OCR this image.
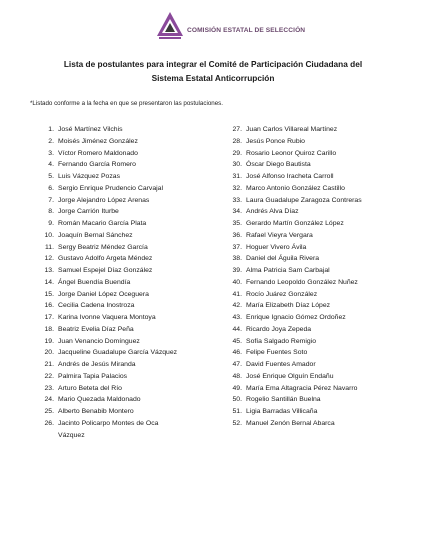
COMISIÓN ESTATAL DE SELECCIÓN
Lista de postulantes para integrar el Comité de Participación Ciudadana del
Sistema Estatal Anticorrupción
*Listado conforme a la fecha en que se presentaron las postulaciones.
1. José Martínez Vilchis
2. Moisés Jiménez González
3. Víctor Romero Maldonado
4. Fernando García Romero
5. Luis Vázquez Pozas
6. Sergio Enrique Prudencio Carvajal
7. Jorge Alejandro López Arenas
8. Jorge Carrión Iturbe
9. Román Macario García Plata
10. Joaquín Bernal Sánchez
11. Sergy Beatriz Méndez García
12. Gustavo Adolfo Argeta Méndez
13. Samuel Espejel Díaz González
14. Ángel Buendía Buendía
15. Jorge Daniel López Oceguera
16. Cecilia Cadena Inostroza
17. Karina Ivonne Vaquera Montoya
18. Beatriz Evelia Díaz Peña
19. Juan Venancio Domínguez
20. Jacqueline Guadalupe García Vázquez
21. Andrés de Jesús Miranda
22. Palmira Tapia Palacios
23. Arturo Beteta del Río
24. Mario Quezada Maldonado
25. Alberto Benabib Montero
26. Jacinto Policarpo Montes de Oca
Vázquez
27. Juan Carlos Villareal Martínez
28. Jesús Ponce Rubio
29. Rosario Leonor Quiroz Carillo
30. Óscar Diego Bautista
31. José Alfonso Iracheta Carroll
32. Marco Antonio González Castillo
33. Laura Guadalupe Zaragoza Contreras
34. Andrés Alva Díaz
35. Gerardo Martín González López
36. Rafael Vieyra Vergara
37. Hoguer Vivero Ávila
38. Daniel del Águila Rivera
39. Alma Patricia Sam Carbajal
40. Fernando Leopoldo González Nuñez
41. Rocío Juárez González
42. María Elizabeth Díaz López
43. Enrique Ignacio Gómez Ordoñez
44. Ricardo Joya Zepeda
45. Sofía Salgado Remigio
46. Felipe Fuentes Soto
47. David Fuentes Amador
48. José Enrique Olguín Endañu
49. María Ema Altagracia Pérez Navarro
50. Rogelio Santillán Buelna
51. Ligia Barradas Villicaña
52. Manuel Zenón Bernal Abarca
